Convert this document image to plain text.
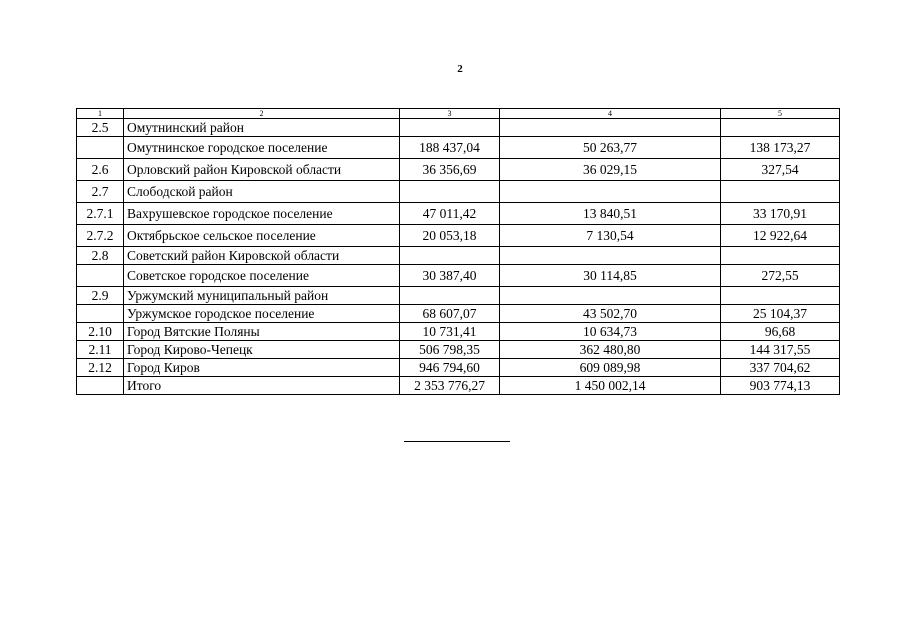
2
1	2	3	4	5
2.5	Омутнинский район			
	Омутнинское городское поселение	188 437,04	50 263,77	138 173,27
2.6	Орловский район Кировской области	36 356,69	36 029,15	327,54
2.7	Слободской район			
2.7.1	Вахрушевское городское поселение	47 011,42	13 840,51	33 170,91
2.7.2	Октябрьское сельское поселение	20 053,18	7 130,54	12 922,64
2.8	Советский район Кировской области			
	Советское городское поселение	30 387,40	30 114,85	272,55
2.9	Уржумский муниципальный район			
	Уржумское городское поселение	68 607,07	43 502,70	25 104,37
2.10	Город Вятские Поляны	10 731,41	10 634,73	96,68
2.11	Город Кирово-Чепецк	506 798,35	362 480,80	144 317,55
2.12	Город Киров	946 794,60	609 089,98	337 704,62
	Итого	2 353 776,27	1 450 002,14	903 774,13
